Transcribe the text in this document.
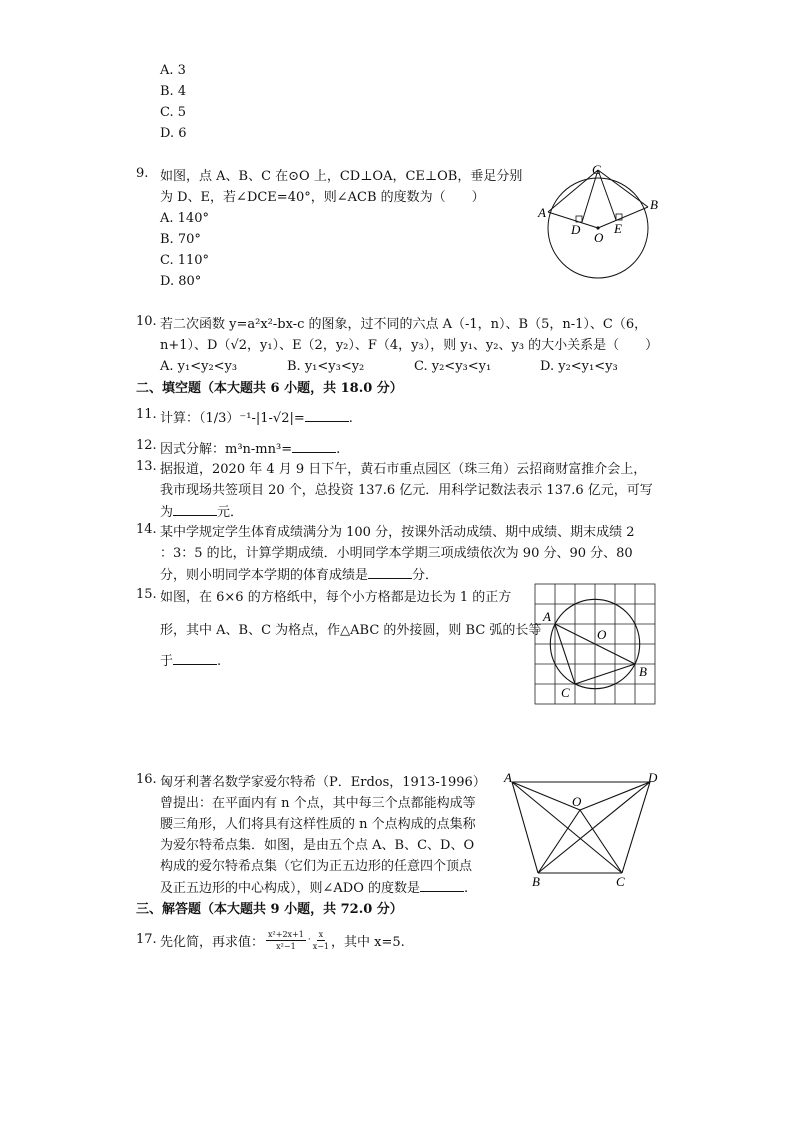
A. 3
B. 4
C. 5
D. 6
9. 如图，点 A、B、C 在⊙O 上，CD⊥OA，CE⊥OB，垂足分别
为 D、E，若∠DCE=40°，则∠ACB 的度数为（　　）
A. 140°
B. 70°
C. 110°
D. 80°
C
A
B
D
O
E
10. 若二次函数 y=a²x²-bx-c 的图象，过不同的六点 A（-1，n）、B（5，n-1）、C（6，
n+1）、D（√2，y₁）、E（2，y₂）、F（4，y₃），则 y₁、y₂、y₃ 的大小关系是（　　）
A. y₁<y₂<y₃	B. y₁<y₃<y₂	C. y₂<y₃<y₁	D. y₂<y₁<y₃
二、填空题（本大题共 6 小题，共 18.0 分）
11. 计算：（1/3）⁻¹-|1-√2|=	.
12. 因式分解：m³n-mn³=	.
13. 据报道，2020 年 4 月 9 日下午，黄石市重点园区（珠三角）云招商财富推介会上，
我市现场共签项目 20 个，总投资 137.6 亿元．用科学记数法表示 137.6 亿元，可写
为	元．
14. 某中学规定学生体育成绩满分为 100 分，按课外活动成绩、期中成绩、期末成绩 2
：3：5 的比，计算学期成绩．小明同学本学期三项成绩依次为 90 分、90 分、80
分，则小明同学本学期的体育成绩是	分．
15. 如图，在 6×6 的方格纸中，每个小方格都是边长为 1 的正方
形，其中 A、B、C 为格点，作△ABC 的外接圆，则 BC 弧的长等
于	.
A
O
B
C
16. 匈牙利著名数学家爱尔特希（P．Erdos，1913-1996）
曾提出：在平面内有 n 个点，其中每三个点都能构成等
腰三角形，人们将具有这样性质的 n 个点构成的点集称
为爱尔特希点集．如图，是由五个点 A、B、C、D、O
构成的爱尔特希点集（它们为正五边形的任意四个顶点
及正五边形的中心构成），则∠ADO 的度数是	.
A	D
O
B	C
三、解答题（本大题共 9 小题，共 72.0 分）
17. 先化简，再求值：
x²+2x+1
x²−1
·
x
x−1 ，其中 x=5.
